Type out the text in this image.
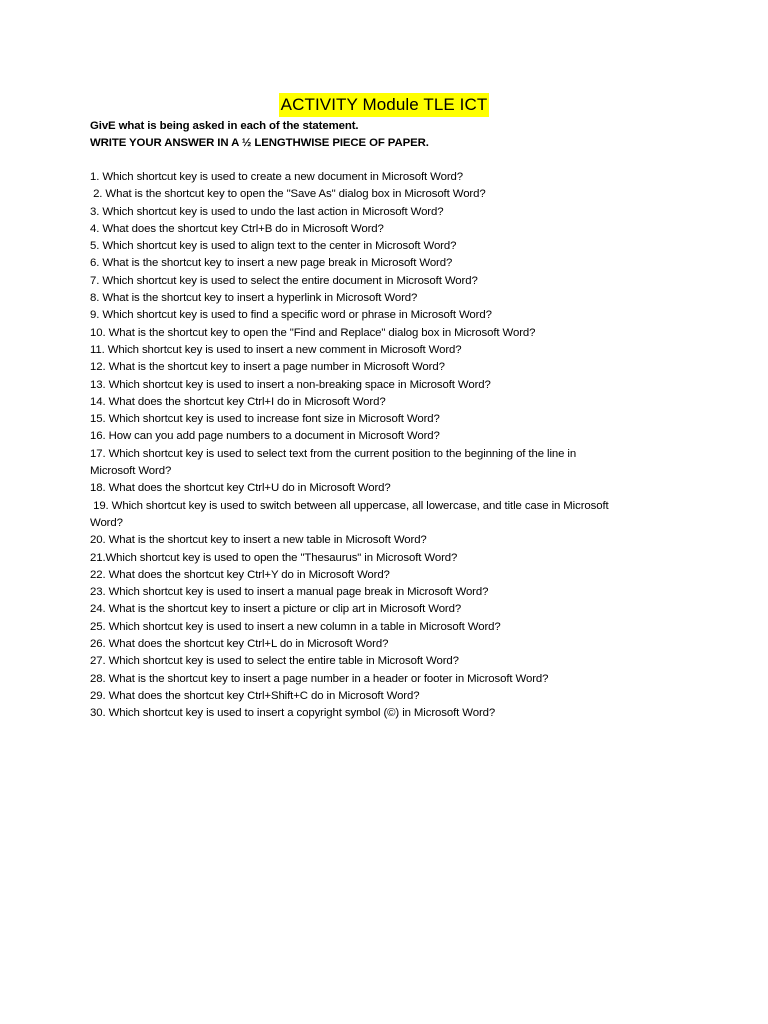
ACTIVITY Module TLE ICT
GivE what is being asked in each of the statement.
WRITE YOUR ANSWER IN A ½ LENGTHWISE PIECE OF PAPER.
1. Which shortcut key is used to create a new document in Microsoft Word?
2. What is the shortcut key to open the "Save As" dialog box in Microsoft Word?
3. Which shortcut key is used to undo the last action in Microsoft Word?
4. What does the shortcut key Ctrl+B do in Microsoft Word?
5. Which shortcut key is used to align text to the center in Microsoft Word?
6. What is the shortcut key to insert a new page break in Microsoft Word?
7. Which shortcut key is used to select the entire document in Microsoft Word?
8. What is the shortcut key to insert a hyperlink in Microsoft Word?
9. Which shortcut key is used to find a specific word or phrase in Microsoft Word?
10. What is the shortcut key to open the "Find and Replace" dialog box in Microsoft Word?
11. Which shortcut key is used to insert a new comment in Microsoft Word?
12. What is the shortcut key to insert a page number in Microsoft Word?
13. Which shortcut key is used to insert a non-breaking space in Microsoft Word?
14. What does the shortcut key Ctrl+I do in Microsoft Word?
15. Which shortcut key is used to increase font size in Microsoft Word?
16. How can you add page numbers to a document in Microsoft Word?
17. Which shortcut key is used to select text from the current position to the beginning of the line in
Microsoft Word?
18. What does the shortcut key Ctrl+U do in Microsoft Word?
19. Which shortcut key is used to switch between all uppercase, all lowercase, and title case in Microsoft
Word?
20. What is the shortcut key to insert a new table in Microsoft Word?
21.Which shortcut key is used to open the "Thesaurus" in Microsoft Word?
22. What does the shortcut key Ctrl+Y do in Microsoft Word?
23. Which shortcut key is used to insert a manual page break in Microsoft Word?
24. What is the shortcut key to insert a picture or clip art in Microsoft Word?
25. Which shortcut key is used to insert a new column in a table in Microsoft Word?
26. What does the shortcut key Ctrl+L do in Microsoft Word?
27. Which shortcut key is used to select the entire table in Microsoft Word?
28. What is the shortcut key to insert a page number in a header or footer in Microsoft Word?
29. What does the shortcut key Ctrl+Shift+C do in Microsoft Word?
30. Which shortcut key is used to insert a copyright symbol (©) in Microsoft Word?
